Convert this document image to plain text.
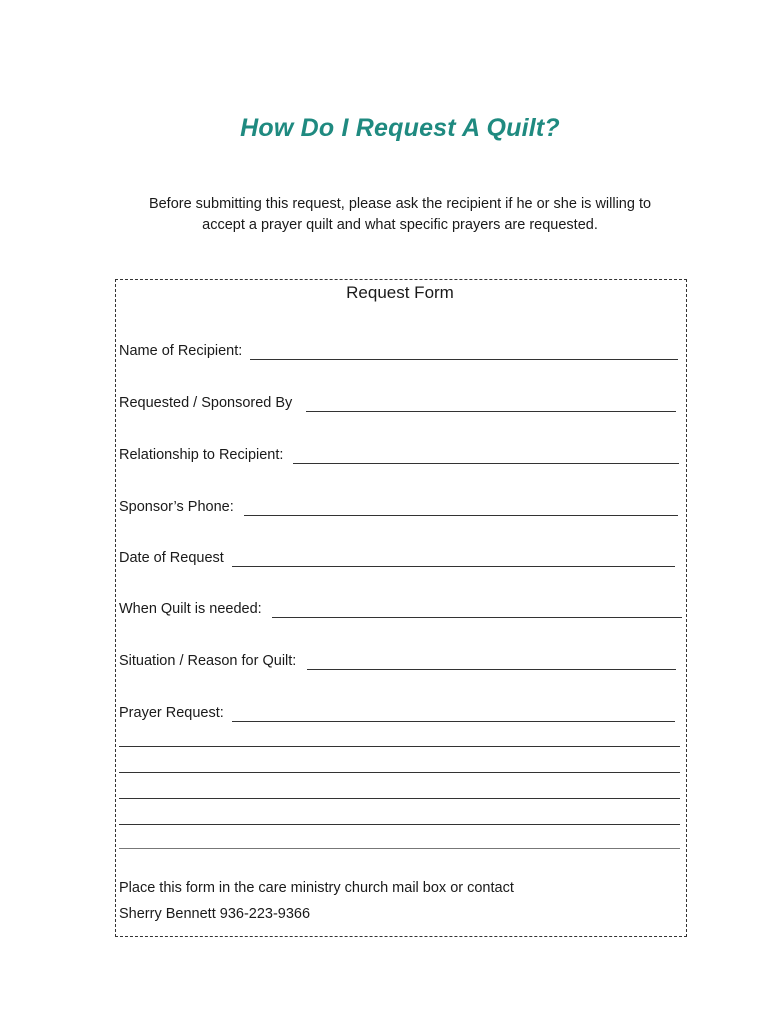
How Do I Request A Quilt?
Before submitting this request, please ask the recipient if he or she is willing to
accept a prayer quilt and what specific prayers are requested.
Request Form
Name of Recipient:
Requested / Sponsored By
Relationship to Recipient:
Sponsor’s Phone:
Date of Request
When Quilt is needed:
Situation / Reason for Quilt:
Prayer Request:
Place this form in the care ministry church mail box or contact
Sherry Bennett 936-223-9366
